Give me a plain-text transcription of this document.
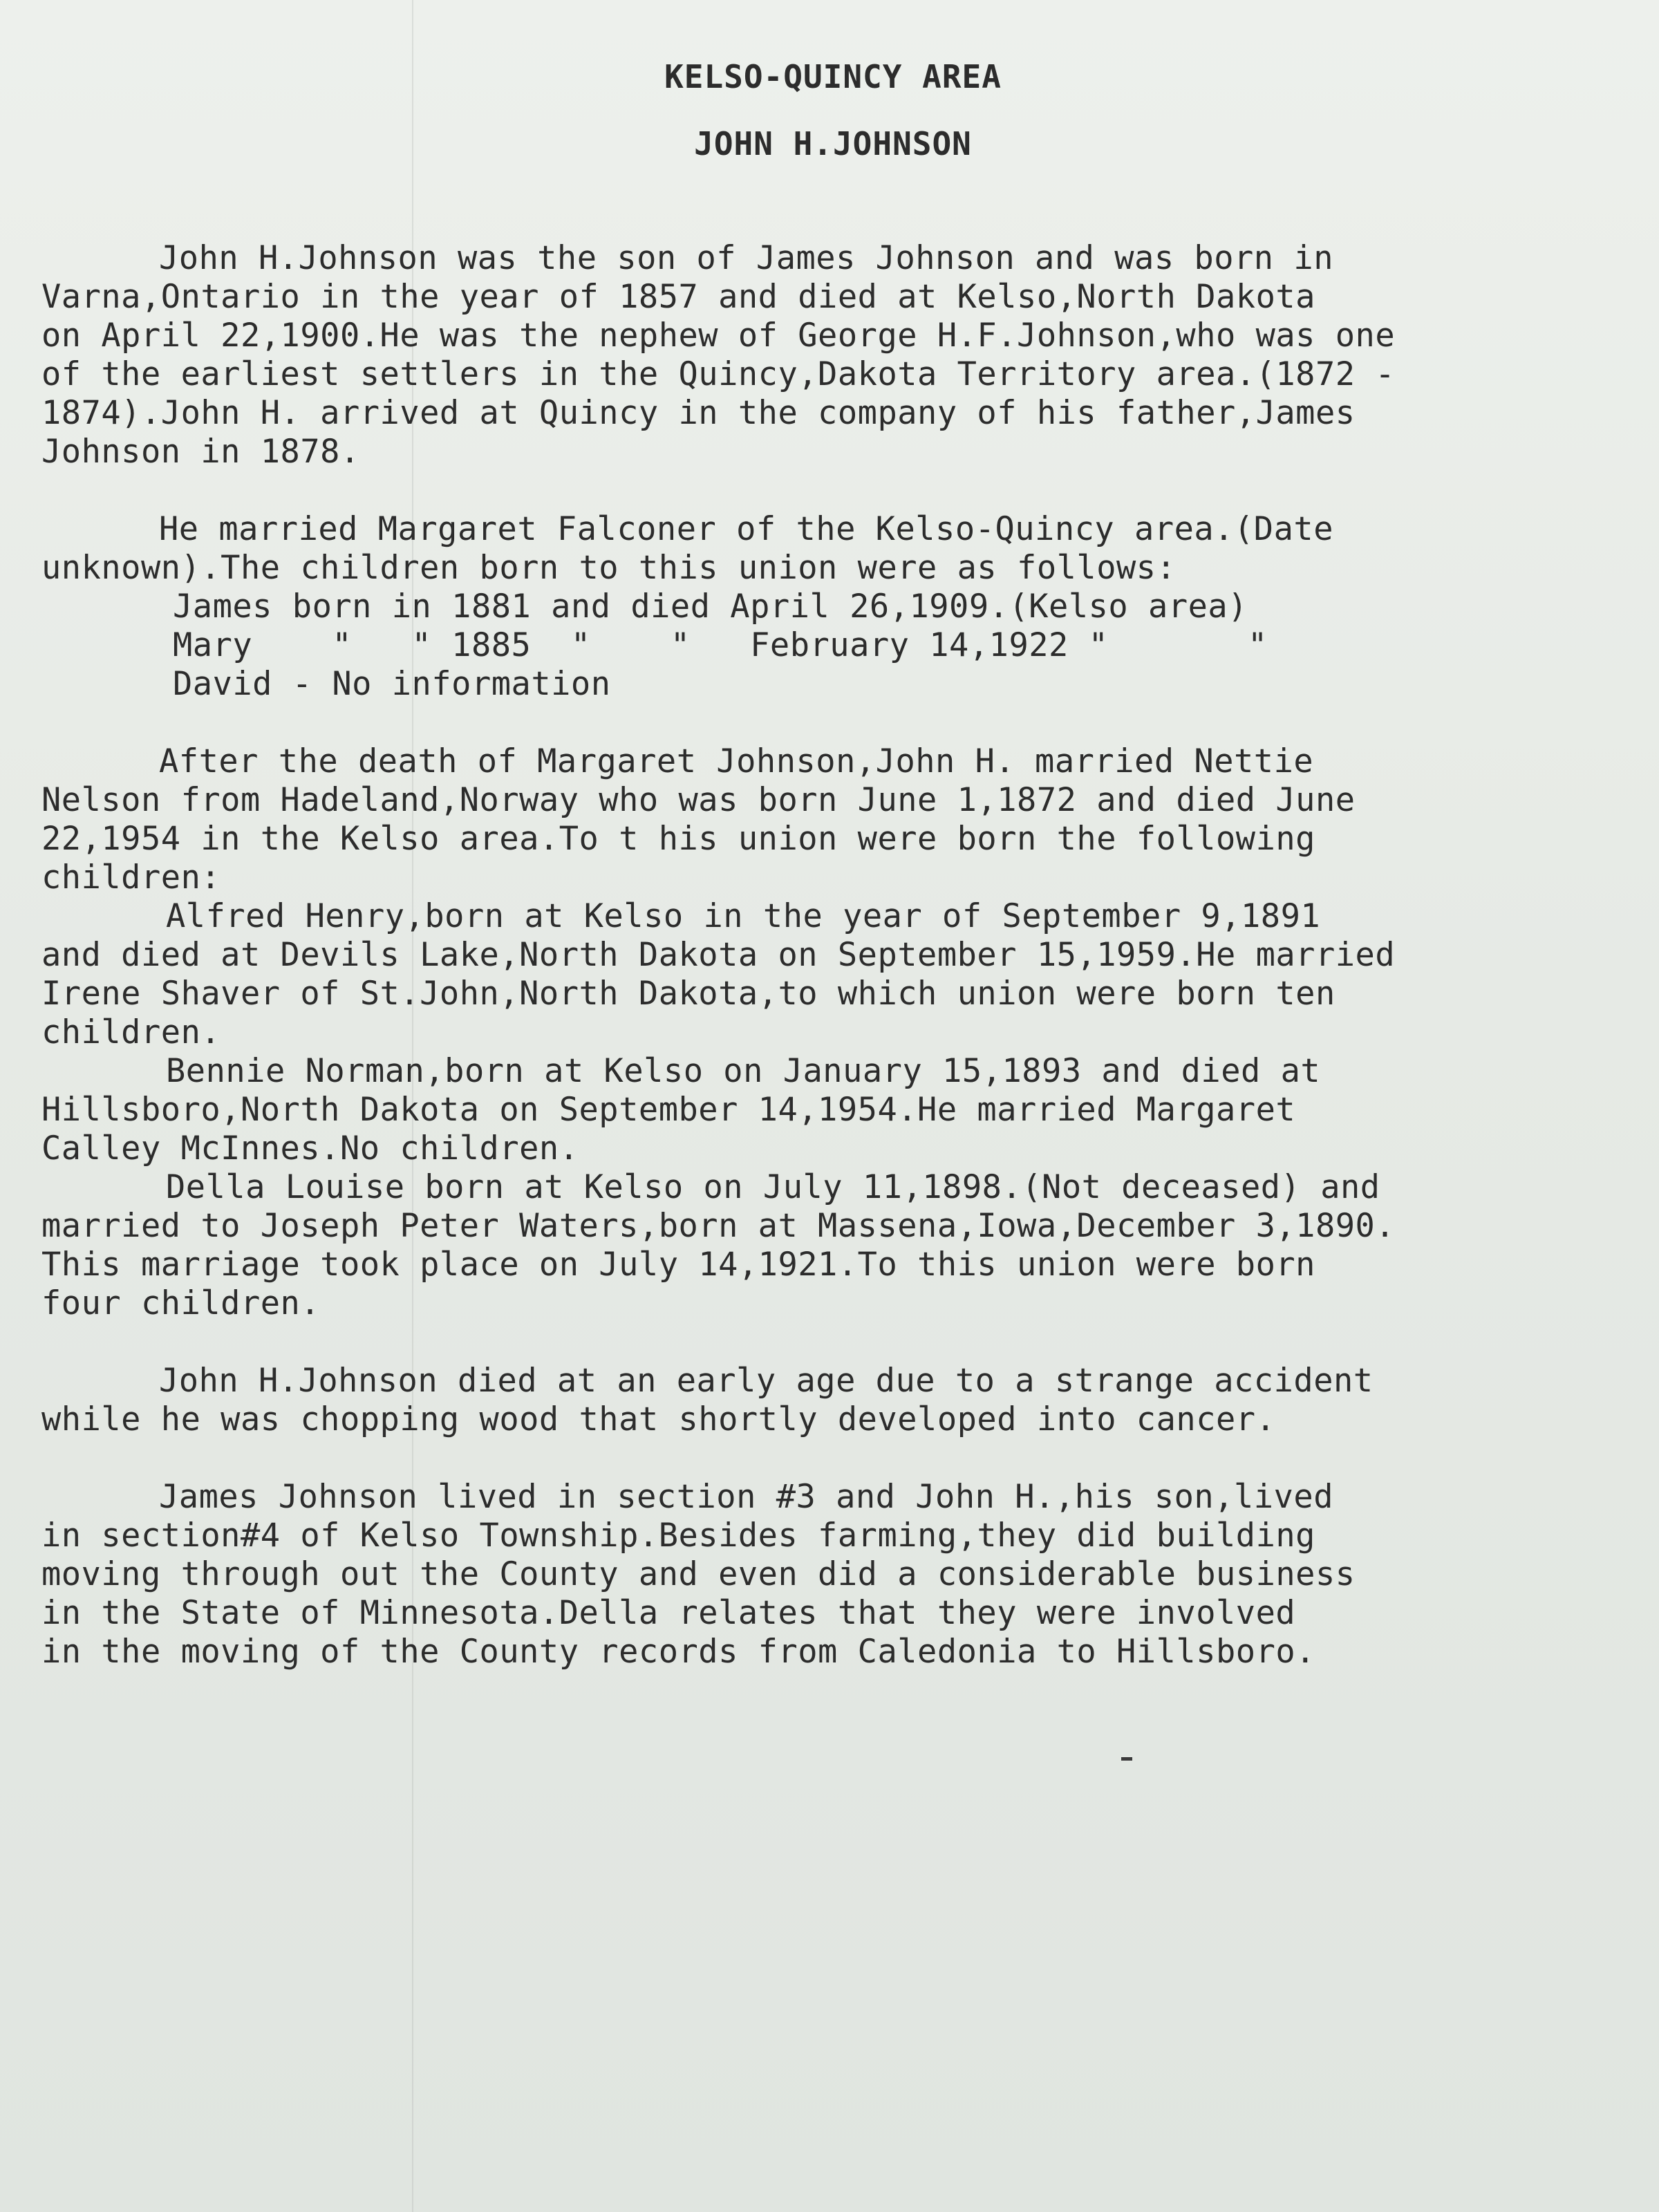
KELSO-QUINCY AREA
JOHN H.JOHNSON
John H.Johnson was the son of James Johnson and was born in
Varna,Ontario in the year of 1857 and died at Kelso,North Dakota
on April 22,1900.He was the nephew of George H.F.Johnson,who was one
of the earliest settlers in the Quincy,Dakota Territory area.(1872 -
1874).John H. arrived at Quincy in the company of his father,James
Johnson in 1878.
He married Margaret Falconer of the Kelso-Quincy area.(Date
unknown).The children born to this union were as follows:
James born in 1881 and died April 26,1909.(Kelso area)
Mary    "   " 1885  "    "   February 14,1922 "       "
David - No information
After the death of Margaret Johnson,John H. married Nettie
Nelson from Hadeland,Norway who was born June 1,1872 and died June
22,1954 in the Kelso area.To t his union were born the following
children:
Alfred Henry,born at Kelso in the year of September 9,1891
and died at Devils Lake,North Dakota on September 15,1959.He married
Irene Shaver of St.John,North Dakota,to which union were born ten
children.
Bennie Norman,born at Kelso on January 15,1893 and died at
Hillsboro,North Dakota on September 14,1954.He married Margaret
Calley McInnes.No children.
Della Louise born at Kelso on July 11,1898.(Not deceased) and
married to Joseph Peter Waters,born at Massena,Iowa,December 3,1890.
This marriage took place on July 14,1921.To this union were born
four children.
John H.Johnson died at an early age due to a strange accident
while he was chopping wood that shortly developed into cancer.
James Johnson lived in section #3 and John H.,his son,lived
in section#4 of Kelso Township.Besides farming,they did building
moving through out the County and even did a considerable business
in the State of Minnesota.Della relates that they were involved
in the moving of the County records from Caledonia to Hillsboro.
